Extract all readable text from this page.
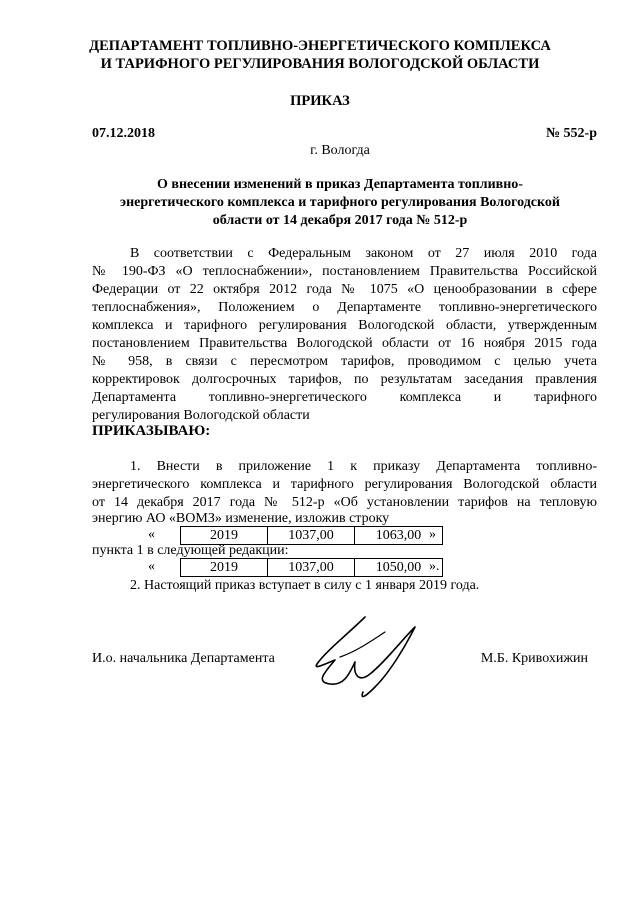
ДЕПАРТАМЕНТ ТОПЛИВНО-ЭНЕРГЕТИЧЕСКОГО КОМПЛЕКСА
И ТАРИФНОГО РЕГУЛИРОВАНИЯ ВОЛОГОДСКОЙ ОБЛАСТИ
ПРИКАЗ
07.12.2018	№ 552-р
г. Вологда
О внесении изменений в приказ Департамента топливно-
энергетического комплекса и тарифного регулирования Вологодской
области от 14 декабря 2017 года № 512-р
В соответствии с Федеральным законом от 27 июля 2010 года
№ 190-ФЗ «О теплоснабжении», постановлением Правительства Российской
Федерации от 22 октября 2012 года № 1075 «О ценообразовании в сфере
теплоснабжения», Положением о Департаменте топливно-энергетического
комплекса и тарифного регулирования Вологодской области, утвержденным
постановлением Правительства Вологодской области от 16 ноября 2015 года
№ 958, в связи с пересмотром тарифов, проводимом с целью учета
корректировок долгосрочных тарифов, по результатам заседания правления
Департамента топливно-энергетического комплекса и тарифного
регулирования Вологодской области
ПРИКАЗЫВАЮ:
1. Внести в приложение 1 к приказу Департамента топливно-
энергетического комплекса и тарифного регулирования Вологодской области
от 14 декабря 2017 года № 512-р «Об установлении тарифов на тепловую
энергию АО «ВОМЗ» изменение, изложив строку
«	2019	1037,00	1063,00 »
пункта 1 в следующей редакции:
«	2019	1037,00	1050,00 ».
2. Настоящий приказ вступает в силу с 1 января 2019 года.
И.о. начальника Департамента	М.Б. Кривохижин
